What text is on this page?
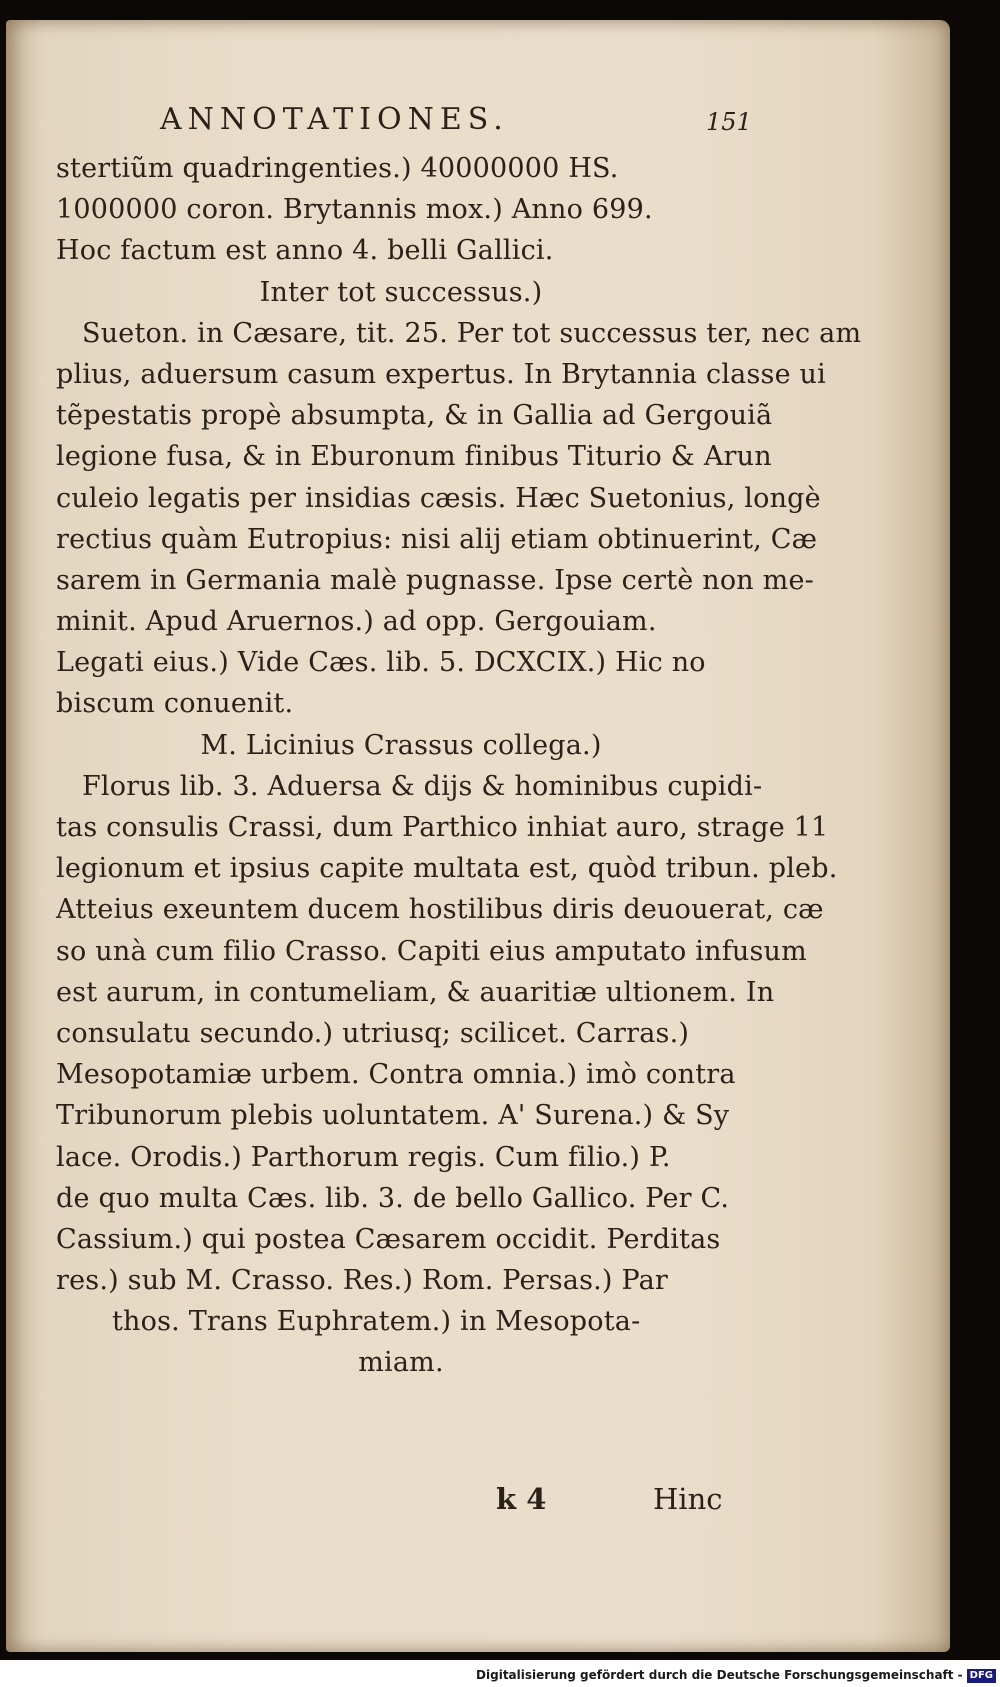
ANNOTATIONES.	151
stertiũm quadringenties.) 40000000 HS.
1000000 coron. Brytannis mox.) Anno 699.
Hoc factum est anno 4. belli Gallici.
Inter tot successus.)
Sueton. in Cæsare, tit. 25. Per tot successus ter, nec am
plius, aduersum casum expertus. In Brytannia classe ui
tẽpestatis propè absumpta, & in Gallia ad Gergouiã
legione fusa, & in Eburonum finibus Titurio & Arun
culeio legatis per insidias cæsis. Hæc Suetonius, longè
rectius quàm Eutropius: nisi alij etiam obtinuerint, Cæ
sarem in Germania malè pugnasse. Ipse certè non me-
minit. Apud Aruernos.) ad opp. Gergouiam.
Legati eius.) Vide Cæs. lib. 5. DCXCIX.) Hic no
biscum conuenit.
M. Licinius Crassus collega.)
Florus lib. 3. Aduersa & dijs & hominibus cupidi-
tas consulis Crassi, dum Parthico inhiat auro, strage 11
legionum et ipsius capite multata est, quòd tribun. pleb.
Atteius exeuntem ducem hostilibus diris deuouerat, cæ
so unà cum filio Crasso. Capiti eius amputato infusum
est aurum, in contumeliam, & auaritiæ ultionem. In
consulatu secundo.) utriusq; scilicet. Carras.)
Mesopotamiæ urbem. Contra omnia.) imò contra
Tribunorum plebis uoluntatem. A' Surena.) & Sy
lace. Orodis.) Parthorum regis. Cum filio.) P.
de quo multa Cæs. lib. 3. de bello Gallico. Per C.
Cassium.) qui postea Cæsarem occidit. Perditas
res.) sub M. Crasso. Res.) Rom. Persas.) Par
thos. Trans Euphratem.) in Mesopota-
miam.
k 4	Hinc
Digitalisierung gefördert durch die Deutsche Forschungsgemeinschaft - DFG
